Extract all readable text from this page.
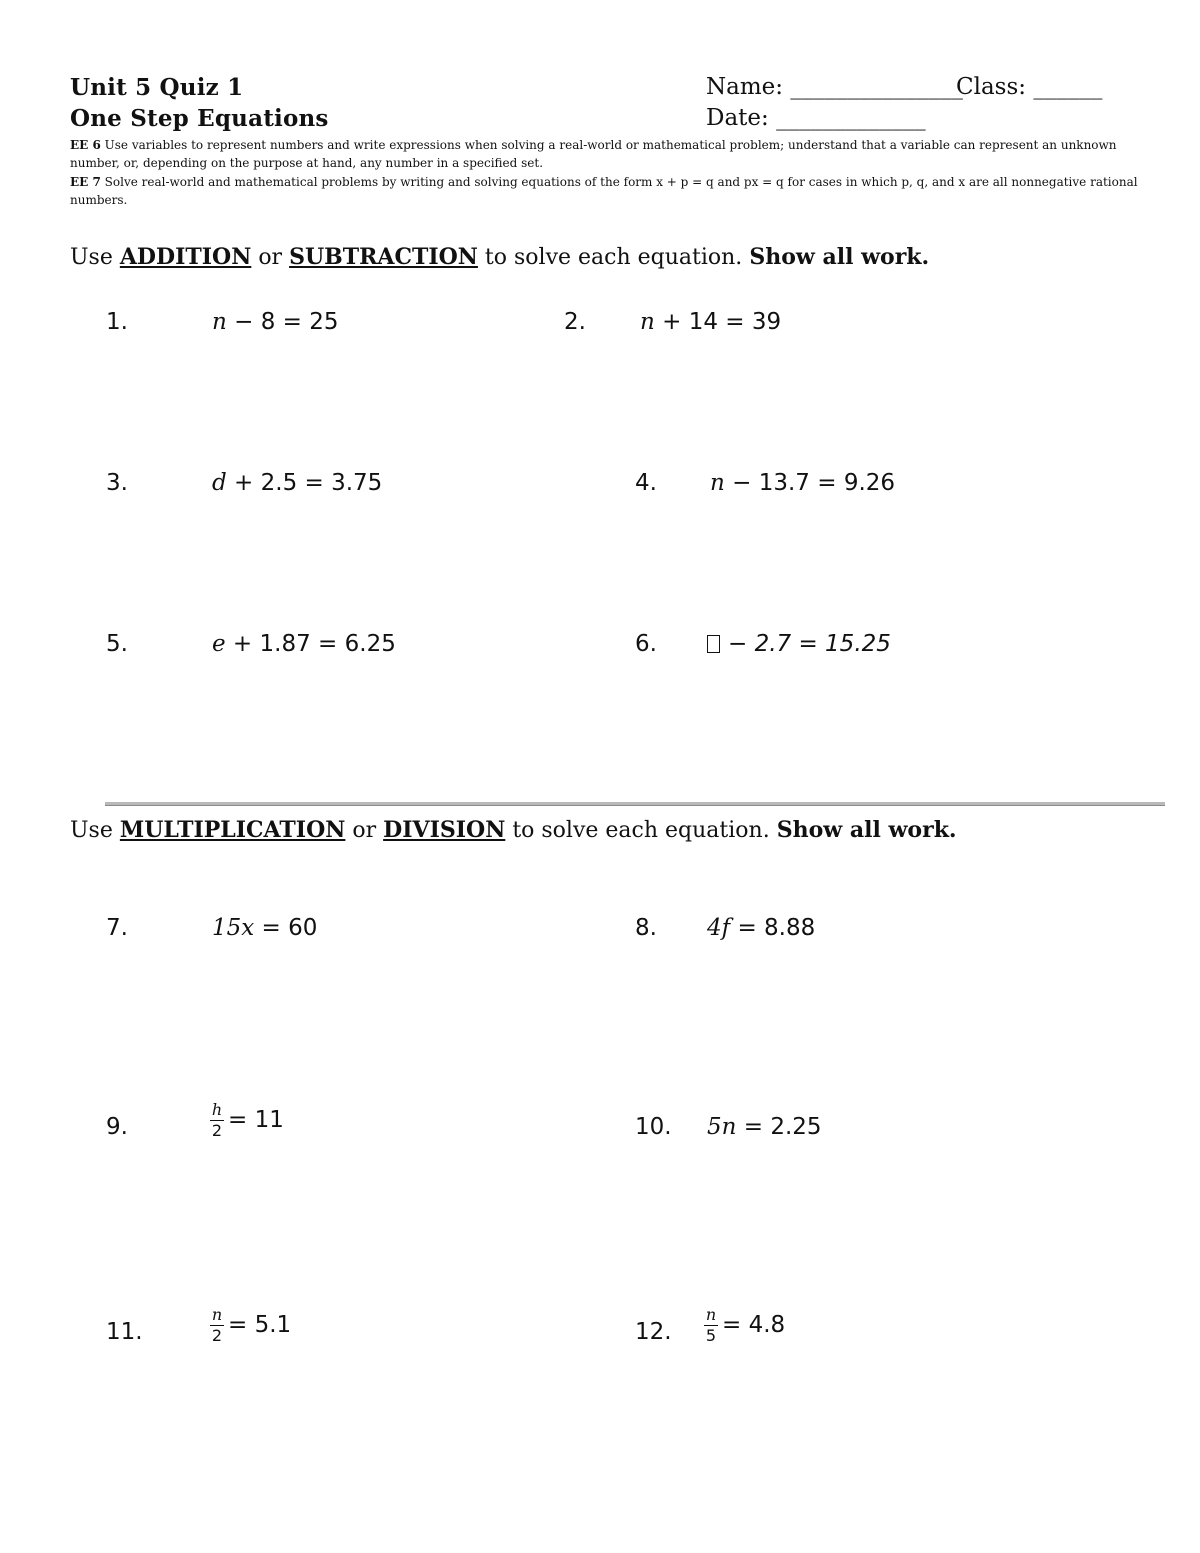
Unit 5 Quiz 1
One Step Equations
Name: _______________
Class: ______
Date: _____________
EE 6 Use variables to represent numbers and write expressions when solving a real-world or mathematical problem; understand that a variable can represent an unknown number, or, depending on the purpose at hand, any number in a specified set.
EE 7 Solve real-world and mathematical problems by writing and solving equations of the form x + p = q and px = q for cases in which p, q, and x are all nonnegative rational numbers.
Use ADDITION or SUBTRACTION to solve each equation. Show all work.
1.	n − 8 = 25	2. n + 14 = 39
3.	d + 2.5 = 3.75	4. n − 13.7 = 9.26
5.	e + 1.87 = 6.25	6.	− 2.7 = 15.25
Use MULTIPLICATION or DIVISION to solve each equation. Show all work.
7.	15x = 60	8. 4f = 8.88
9.	$\frac{h}{2} = 11$	10. 5n = 2.25
11.	$\frac{n}{2} = 5.1$	12. $\frac{n}{5} = 4.8$
